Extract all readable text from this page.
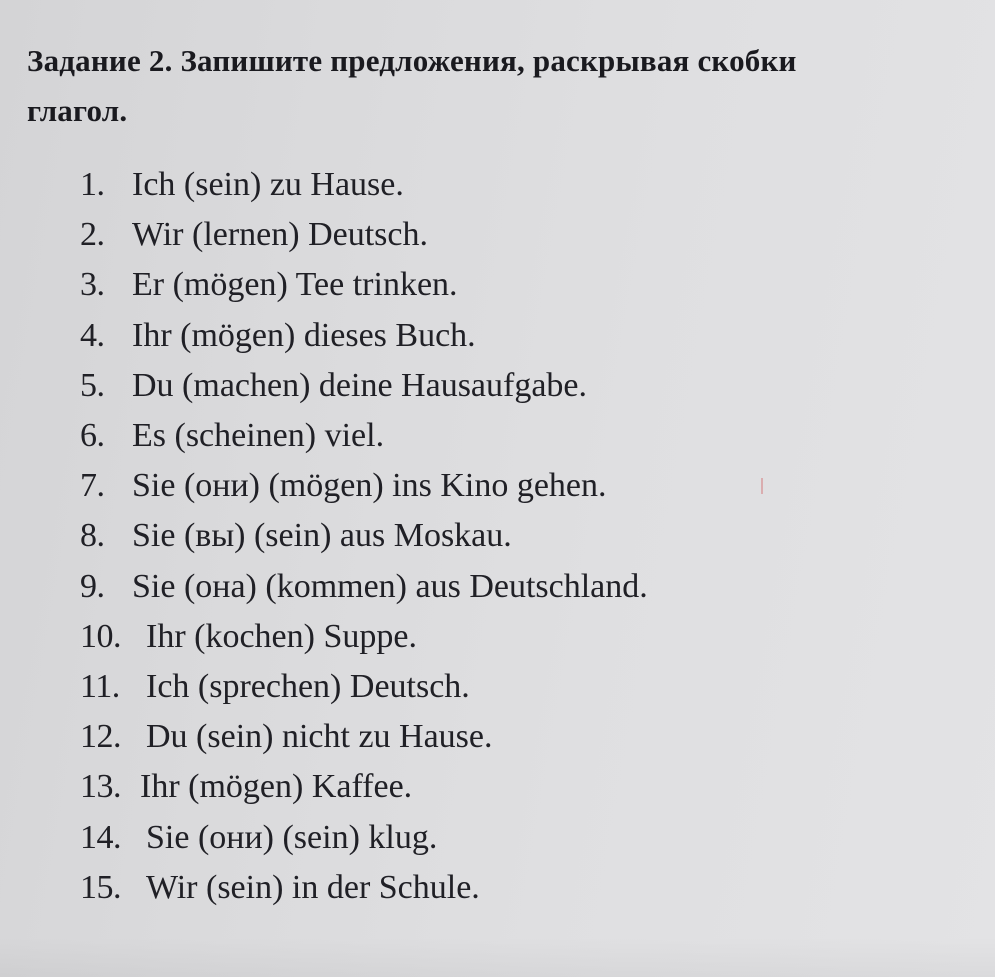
Задание 2. Запишите предложения, раскрывая скобки
глагол.
1. Ich (sein) zu Hause.
2. Wir (lernen) Deutsch.
3. Er (mögen) Tee trinken.
4. Ihr (mögen) dieses Buch.
5. Du (machen) deine Hausaufgabe.
6. Es (scheinen) viel.
7. Sie (они) (mögen) ins Kino gehen.
8. Sie (вы) (sein) aus Moskau.
9. Sie (она) (kommen) aus Deutschland.
10. Ihr (kochen) Suppe.
11. Ich (sprechen) Deutsch.
12. Du (sein) nicht zu Hause.
13. Ihr (mögen) Kaffee.
14. Sie (они) (sein) klug.
15. Wir (sein) in der Schule.
